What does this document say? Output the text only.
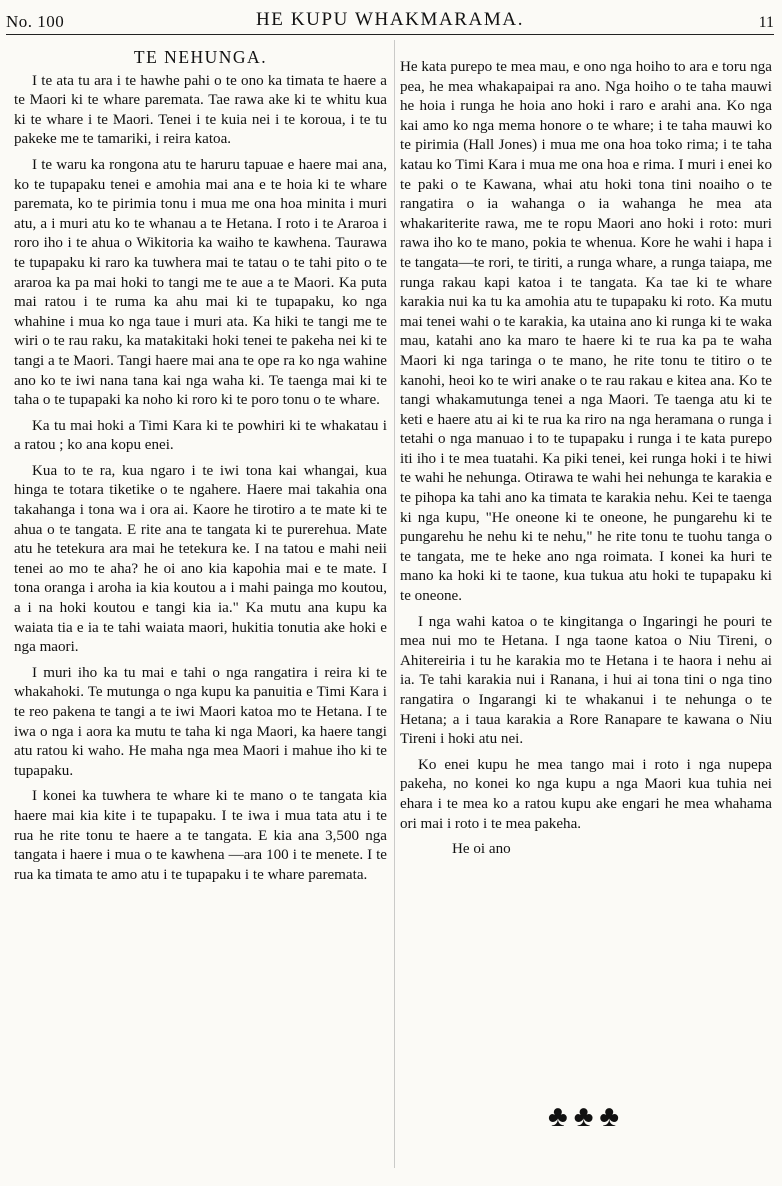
No. 100	HE KUPU WHAKMARAMA.	11
TE NEHUNGA.

I te ata tu ara i te hawhe pahi o te ono ka timata te haere a te Maori ki te whare paremata. Tae rawa ake ki te whitu kua ki te whare i te Maori. Tenei i te kuia nei i te koroua, i te tu pakeke me te tamariki, i reira katoa.

I te waru ka rongona atu te haruru tapuae e haere mai ana, ko te tupapaku tenei e amohia mai ana e te hoia ki te whare paremata, ko te pirimia tonu i mua me ona hoa minita i muri atu, a i muri atu ko te whanau a te Hetana. I roto i te Araroa i roro iho i te ahua o Wikitoria ka waiho te kawhena. Taurawa te tupapaku ki raro ka tuwhera mai te tatau o te tahi pito o te araroa ka pa mai hoki to tangi me te aue a te Maori. Ka puta mai ratou i te ruma ka ahu mai ki te tupapaku, ko nga whahine i mua ko nga taue i muri ata. Ka hiki te tangi me te wiri o te rau raku, ka matakitaki hoki tenei te pakeha nei ki te tangi a te Maori. Tangi haere mai ana te ope ra ko nga wahine ano ko te iwi nana tana kai nga waha ki. Te taenga mai ki te taha o te tupapaki ka noho ki roro ki te poro tonu o te whare.

Ka tu mai hoki a Timi Kara ki te powhiri ki te whakatau i a ratou ; ko ana kopu enei.

Kua to te ra, kua ngaro i te iwi tona kai whangai, kua hinga te totara tiketike o te ngahere. Haere mai takahia ona takahanga i tona wa i ora ai. Kaore he tirotiro a te mate ki te ahua o te tangata. E rite ana te tangata ki te purerehua. Mate atu he tetekura ara mai he tetekura ke. I na tatou e mahi neii tenei ao mo te aha? he oi ano kia kapohia mai e te mate. I tona oranga i aroha ia kia koutou a i mahi painga mo koutou, a i na hoki koutou e tangi kia ia." Ka mutu ana kupu ka waiata tia e ia te tahi waiata maori, hukitia tonutia ake hoki e nga maori.

I muri iho ka tu mai e tahi o nga rangatira i reira ki te whakahoki. Te mutunga o nga kupu ka panuitia e Timi Kara i te reo pakena te tangi a te iwi Maori katoa mo te Hetana. I te iwa o nga i aora ka mutu te taha ki nga Maori, ka haere tangi atu ratou ki waho. He maha nga mea Maori i mahue iho ki te tupapaku.

I konei ka tuwhera te whare ki te mano o te tangata kia haere mai kia kite i te tupapaku. I te iwa i mua tata atu i te rua he rite tonu te haere a te tangata. E kia ana 3,500 nga tangata i haere i mua o te kawhena —ara 100 i te menete. I te rua ka timata te amo atu i te tupapaku i te whare paremata.

He kata purepo te mea mau, e ono nga hoiho to ara e toru nga pea, he mea whakapaipai ra ano. Nga hoiho o te taha mauwi he hoia i runga he hoia ano hoki i raro e arahi ana. Ko nga kai amo ko nga mema honore o te whare; i te taha mauwi ko te pirimia (Hall Jones) i mua me ona hoa toko rima; i te taha katau ko Timi Kara i mua me ona hoa e rima. I muri i enei ko te paki o te Kawana, whai atu hoki tona tini noaiho o te rangatira o ia wahanga o ia wahanga he mea ata whakariterite rawa, me te ropu Maori ano hoki i roto: muri rawa iho ko te mano, pokia te whenua. Kore he wahi i hapa i te tangata—te rori, te tiriti, a runga whare, a runga taiapa, me runga rakau kapi katoa i te tangata. Ka tae ki te whare karakia nui ka tu ka amohia atu te tupapaku ki roto. Ka mutu mai tenei wahi o te karakia, ka utaina ano ki runga ki te waka mau, katahi ano ka maro te haere ki te rua ka pa te waha Maori ki nga taringa o te mano, he rite tonu te titiro o te kanohi, heoi ko te wiri anake o te rau rakau e kitea ana. Ko te tangi whakamutunga tenei a nga Maori. Te taenga atu ki te keti e haere atu ai ki te rua ka riro na nga heramana o runga i tetahi o nga manuao i to te tupapaku i runga i te kata purepo iti iho i te mea tuatahi. Ka piki tenei, kei runga hoki i te hiwi te wahi he nehunga. Otirawa te wahi hei nehunga te karakia e te pihopa ka tahi ano ka timata te karakia nehu. Kei te taenga ki nga kupu, "He oneone ki te oneone, he pungarehu ki te pungarehu he nehu ki te nehu," he rite tonu te tuohu tanga o te tangata, me te heke ano nga roimata. I konei ka huri te mano ka hoki ki te taone, kua tukua atu hoki te tupapaku ki te oneone.

I nga wahi katoa o te kingitanga o Ingaringi he pouri te mea nui mo te Hetana. I nga taone katoa o Niu Tireni, o Ahitereiria i tu he karakia mo te Hetana i te haora i nehu ai ia. Te tahi karakia nui i Ranana, i hui ai tona tini o nga tino rangatira o Ingarangi ki te whakanui i te nehunga o te Hetana; a i taua karakia a Rore Ranapare te kawana o Niu Tireni i hoki atu nei.

Ko enei kupu he mea tango mai i roto i nga nupepa pakeha, no konei ko nga kupu a nga Maori kua tuhia nei ehara i te mea ko a ratou kupu ake engari he mea whahama ori mai i roto i te mea pakeha.

He oi ano

♣♣♣
